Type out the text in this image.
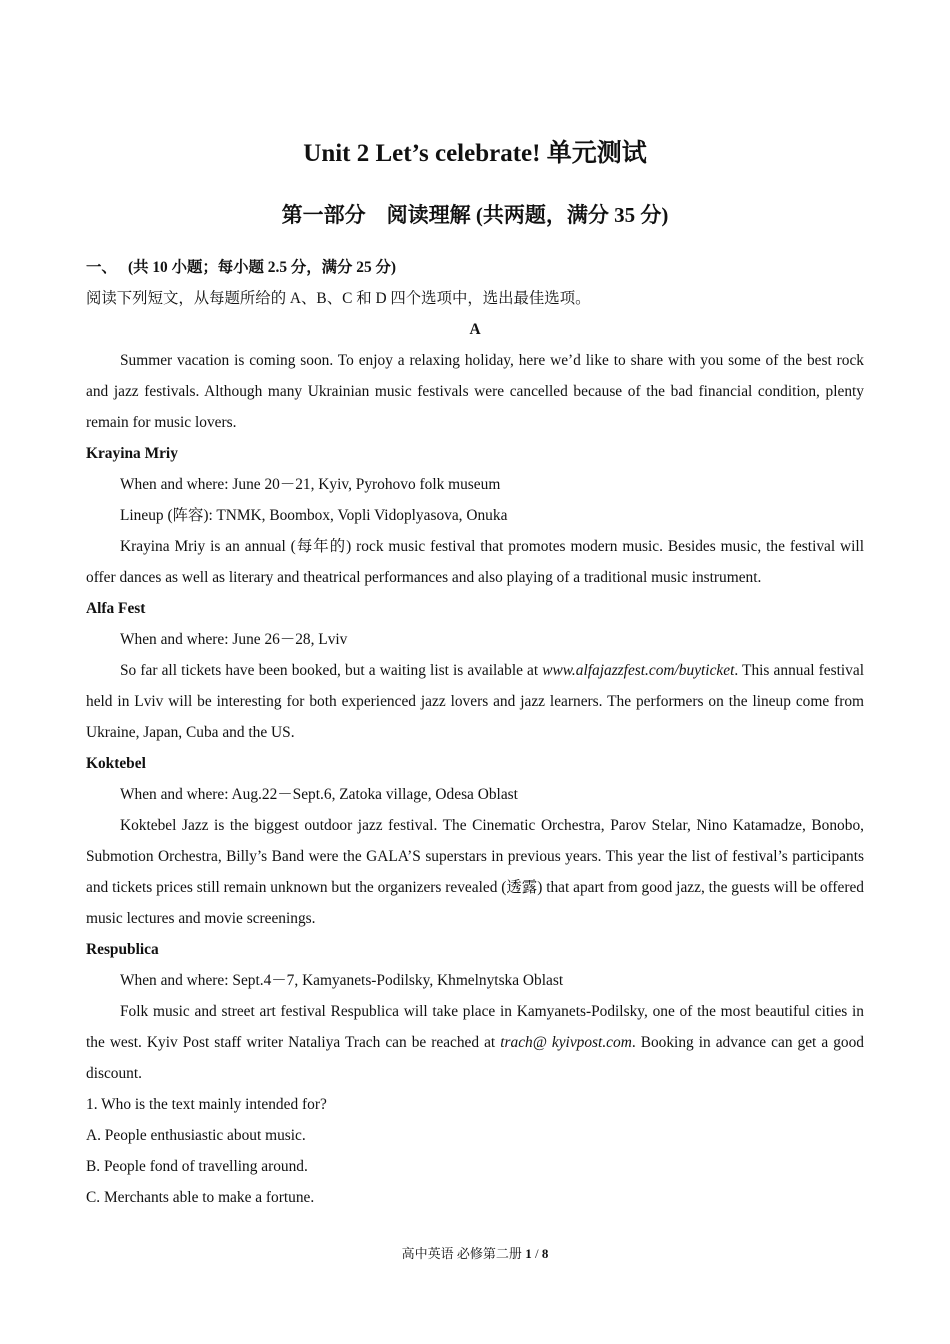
Unit 2 Let’s celebrate! 单元测试
第一部分　阅读理解 (共两题，满分 35 分)

一、 (共 10 小题；每小题 2.5 分，满分 25 分)

阅读下列短文，从每题所给的 A、B、C 和 D 四个选项中，选出最佳选项。

A

Summer vacation is coming soon. To enjoy a relaxing holiday, here we’d like to share with you some of the best rock and jazz festivals. Although many Ukrainian music festivals were cancelled because of the bad financial condition, plenty remain for music lovers.

Krayina Mriy

When and where: June 20－21, Kyiv, Pyrohovo folk museum

Lineup (阵容): TNMK, Boombox, Vopli Vidoplyasova, Onuka

Krayina Mriy is an annual (每年的) rock music festival that promotes modern music. Besides music, the festival will offer dances as well as literary and theatrical performances and also playing of a traditional music instrument.

Alfa Fest

When and where: June 26－28, Lviv

So far all tickets have been booked, but a waiting list is available at www.alfajazzfest.com/buyticket. This annual festival held in Lviv will be interesting for both experienced jazz lovers and jazz learners. The performers on the lineup come from Ukraine, Japan, Cuba and the US.

Koktebel

When and where: Aug.22－Sept.6, Zatoka village, Odesa Oblast

Koktebel Jazz is the biggest outdoor jazz festival. The Cinematic Orchestra, Parov Stelar, Nino Katamadze, Bonobo, Submotion Orchestra, Billy’s Band were the GALA’S superstars in previous years. This year the list of festival’s participants and tickets prices still remain unknown but the organizers revealed (透露) that apart from good jazz, the guests will be offered music lectures and movie screenings.

Respublica

When and where: Sept.4－7, Kamyanets-Podilsky, Khmelnytska Oblast

Folk music and street art festival Respublica will take place in Kamyanets-Podilsky, one of the most beautiful cities in the west. Kyiv Post staff writer Nataliya Trach can be reached at trach@ kyivpost.com. Booking in advance can get a good discount.

1. Who is the text mainly intended for?

A. People enthusiastic about music.

B. People fond of travelling around.

C. Merchants able to make a fortune.

高中英语 必修第二册 1 / 8
